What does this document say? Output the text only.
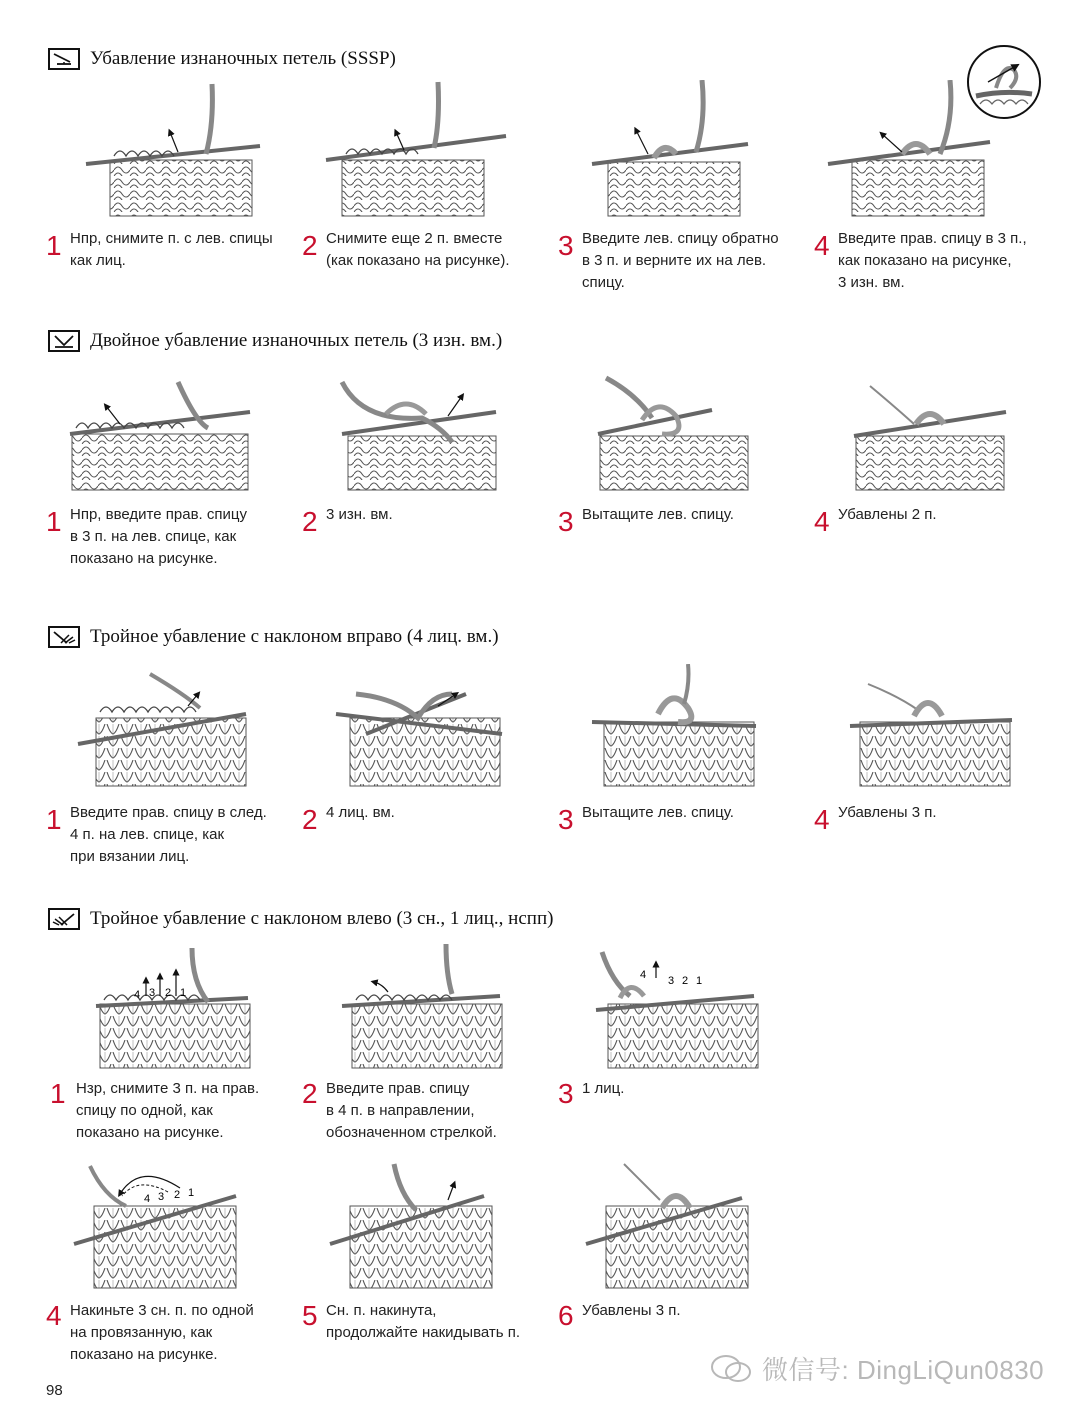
Убавление изнаночных петель (SSSP)
1 Нпр, снимите п. с лев. спицы
как лиц.	2 Снимите еще 2 п. вместе
(как показано на рисунке). 3 Введите лев. спицу обратно
в 3 п. и верните их на лев.
спицу.
4 Введите прав. спицу в 3 п.,
как показано на рисунке,
3 изн. вм.
Двойное убавление изнаночных петель (3 изн. вм.)
1 Нпр, введите прав. спицу
в 3 п. на лев. спице, как
показано на рисунке.
2 3 изн. вм.	3 Вытащите лев. спицу.	4 Убавлены 2 п.
Тройное убавление с наклоном вправо (4 лиц. вм.)
1 Введите прав. спицу в след.
4 п. на лев. спице, как
при вязании лиц.
2 4 лиц. вм.	3 Вытащите лев. спицу.	4 Убавлены 3 п.
Тройное убавление с наклоном влево (3 сн., 1 лиц., нспп)
4 3 2 1
1 Нзр, снимите 3 п. на прав.
спицу по одной, как
показано на рисунке.
2 Введите прав. спицу
в 4 п. в направлении,
обозначенном стрелкой.
4 3 2 1
3 1 лиц.
4 3 2 1
4 Накиньте 3 сн. п. по одной
на провязанную, как
показано на рисунке.
5 Сн. п. накинута,
продолжайте накидывать п.
6 Убавлены 3 п.
微信号: DingLiQun0830
98
